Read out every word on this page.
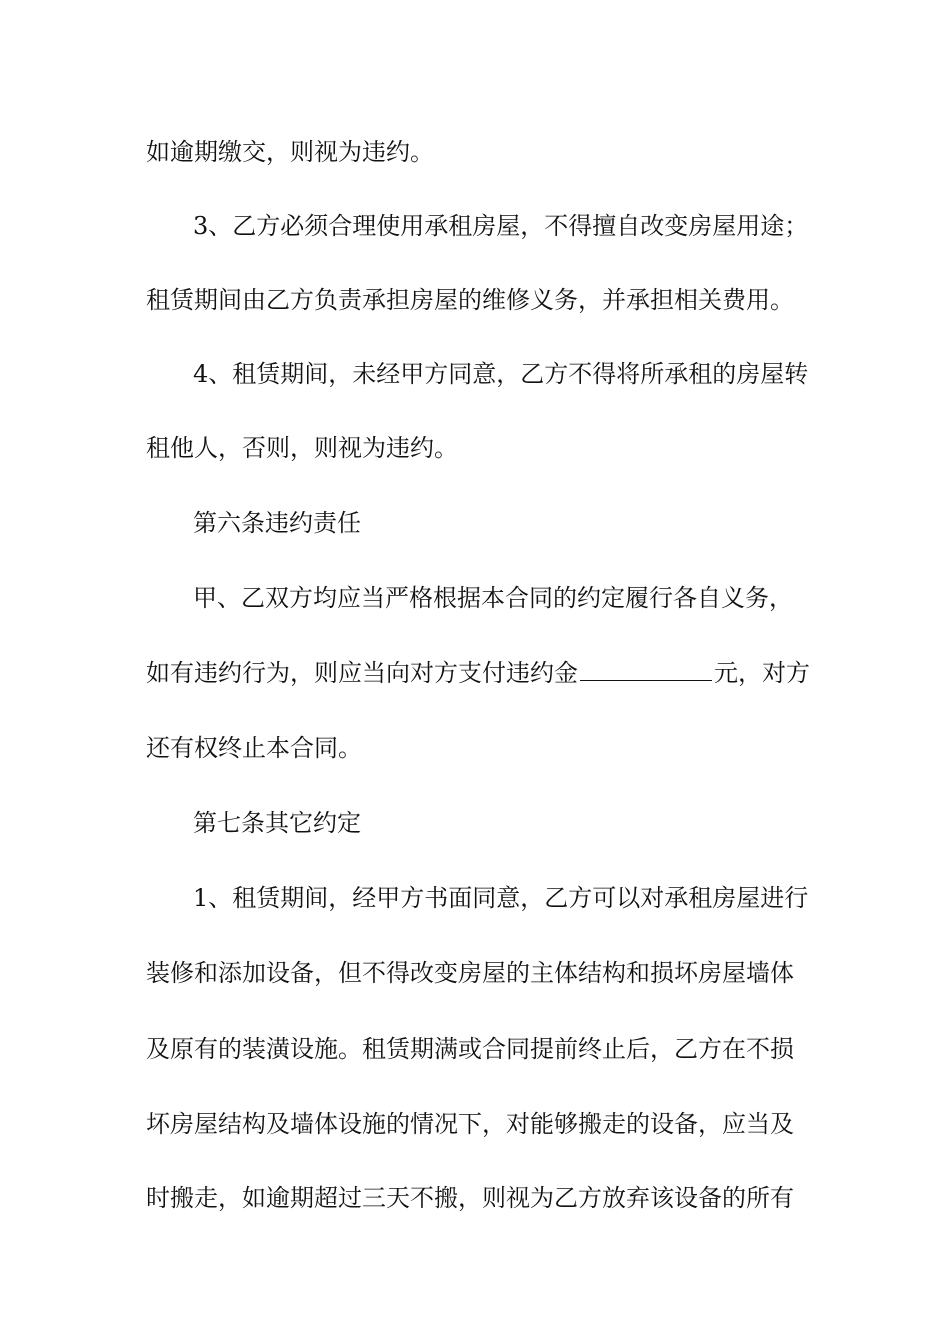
如逾期缴交，则视为违约。

3、乙方必须合理使用承租房屋，不得擅自改变房屋用途；

租赁期间由乙方负责承担房屋的维修义务，并承担相关费用。

4、租赁期间，未经甲方同意，乙方不得将所承租的房屋转

租他人，否则，则视为违约。

第六条违约责任

甲、乙双方均应当严格根据本合同的约定履行各自义务，

如有违约行为，则应当向对方支付违约金	元，对方

还有权终止本合同。

第七条其它约定

1、租赁期间，经甲方书面同意，乙方可以对承租房屋进行

装修和添加设备，但不得改变房屋的主体结构和损坏房屋墙体

及原有的装潢设施。租赁期满或合同提前终止后，乙方在不损

坏房屋结构及墙体设施的情况下，对能够搬走的设备，应当及

时搬走，如逾期超过三天不搬，则视为乙方放弃该设备的所有
